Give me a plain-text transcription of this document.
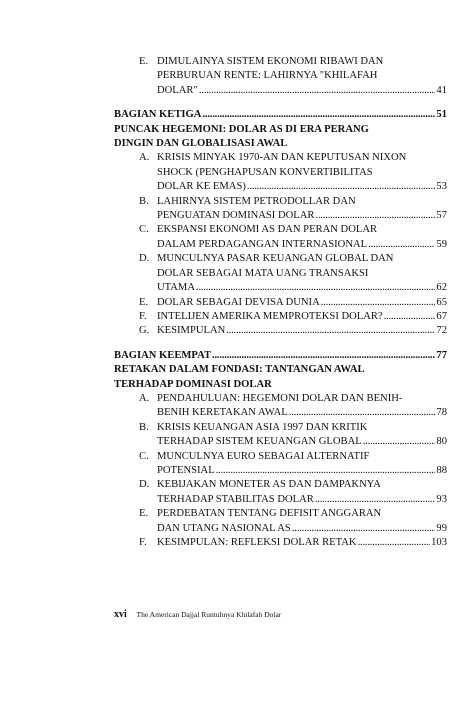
E. DIMULAINYA SISTEM EKONOMI RIBAWI DAN
PERBURUAN RENTE: LAHIRNYA "KHILAFAH
DOLAR" .....	41
BAGIAN KETIGA .....	51
PUNCAK HEGEMONI: DOLAR AS DI ERA PERANG
DINGIN DAN GLOBALISASI AWAL
A. KRISIS MINYAK 1970-AN DAN KEPUTUSAN NIXON
SHOCK (PENGHAPUSAN KONVERTIBILITAS
DOLAR KE EMAS) .....	53
B. LAHIRNYA SISTEM PETRODOLLAR DAN
PENGUATAN DOMINASI DOLAR .....	57
C. EKSPANSI EKONOMI AS DAN PERAN DOLAR
DALAM PERDAGANGAN INTERNASIONAL .....	59
D. MUNCULNYA PASAR KEUANGAN GLOBAL DAN
DOLAR SEBAGAI MATA UANG TRANSAKSI
UTAMA .....	62
E. DOLAR SEBAGAI DEVISA DUNIA .....	65
F. INTELIJEN AMERIKA MEMPROTEKSI DOLAR? .....	67
G. KESIMPULAN .....	72
BAGIAN KEEMPAT .....	77
RETAKAN DALAM FONDASI: TANTANGAN AWAL
TERHADAP DOMINASI DOLAR
A. PENDAHULUAN: HEGEMONI DOLAR DAN BENIH-
BENIH KERETAKAN AWAL .....	78
B. KRISIS KEUANGAN ASIA 1997 DAN KRITIK
TERHADAP SISTEM KEUANGAN GLOBAL .....	80
C. MUNCULNYA EURO SEBAGAI ALTERNATIF
POTENSIAL .....	88
D. KEBIJAKAN MONETER AS DAN DAMPAKNYA
TERHADAP STABILITAS DOLAR .....	93
E. PERDEBATAN TENTANG DEFISIT ANGGARAN
DAN UTANG NASIONAL AS .....	99
F. KESIMPULAN: REFLEKSI DOLAR RETAK .....	103
xvi The American Dajjal Runtuhnya Khilafah Dolar
